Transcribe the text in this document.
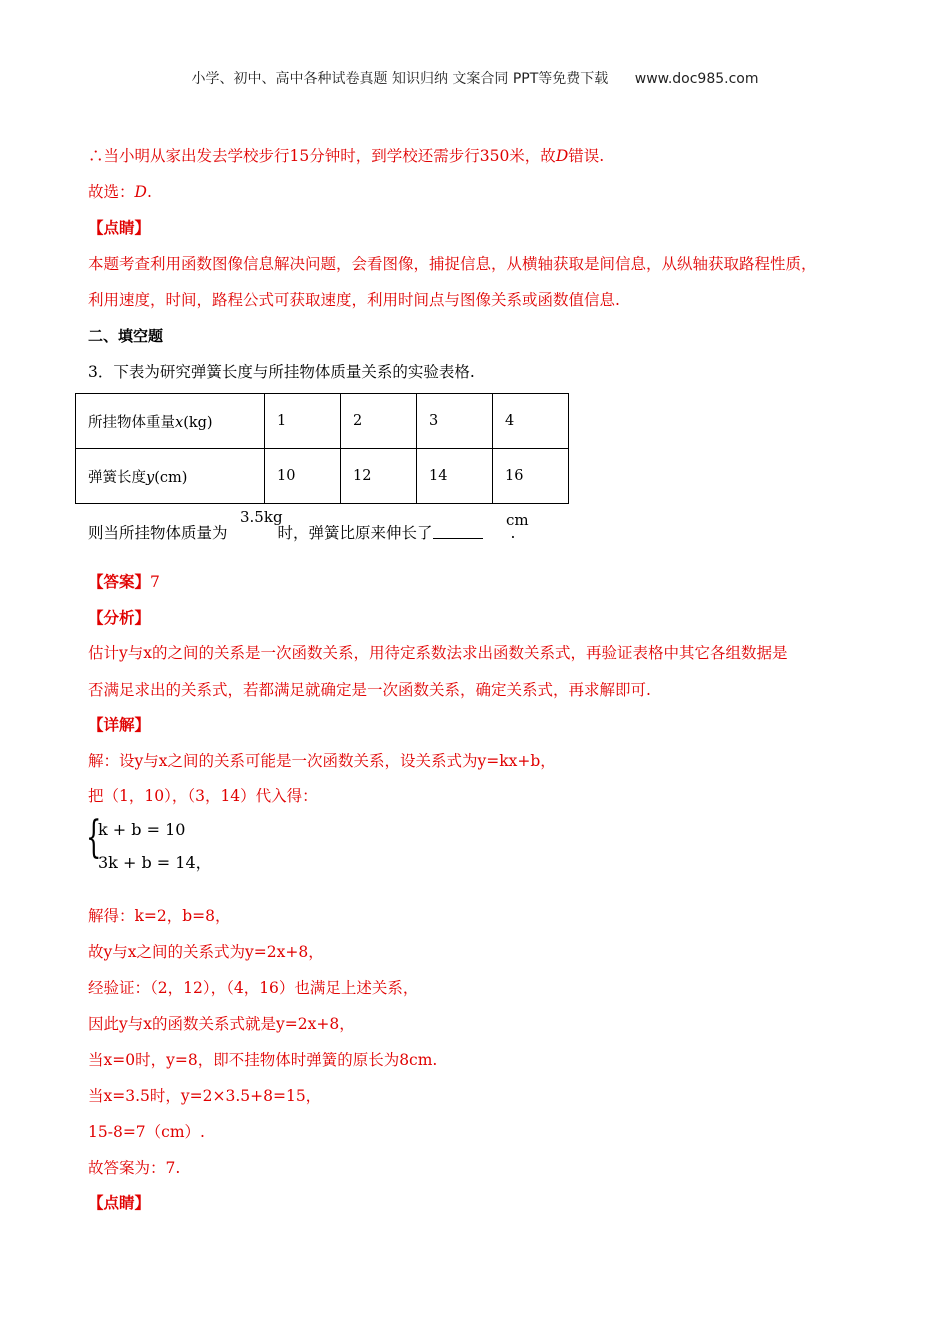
小学、初中、高中各种试卷真题 知识归纳 文案合同 PPT等免费下载 www.doc985.com
∴当小明从家出发去学校步行15分钟时，到学校还需步行350米，故D错误.
故选：D.
【点睛】
本题考查利用函数图像信息解决问题，会看图像，捕捉信息，从横轴获取是间信息，从纵轴获取路程性质，
利用速度，时间，路程公式可获取速度，利用时间点与图像关系或函数值信息.
二、填空题
3．下表为研究弹簧长度与所挂物体质量关系的实验表格.
所挂物体重量x(kg)	1	2	3	4
弹簧长度y(cm)	10	12	14	16
则当所挂物体质量为	时，弹簧比原来伸长了	.
3.5kg	cm
【答案】7
【分析】
估计y与x的之间的关系是一次函数关系，用待定系数法求出函数关系式，再验证表格中其它各组数据是
否满足求出的关系式，若都满足就确定是一次函数关系，确定关系式，再求解即可.
【详解】
解：设y与x之间的关系可能是一次函数关系，设关系式为y=kx+b，
把（1，10），（3，14）代入得：
{
k + b = 10
3k + b = 14，
解得：k=2，b=8，
故y与x之间的关系式为y=2x+8，
经验证：（2，12），（4，16）也满足上述关系，
因此y与x的函数关系式就是y=2x+8，
当x=0时，y=8，即不挂物体时弹簧的原长为8cm.
当x=3.5时，y=2×3.5+8=15，
15-8=7（cm）.
故答案为：7.
【点睛】
